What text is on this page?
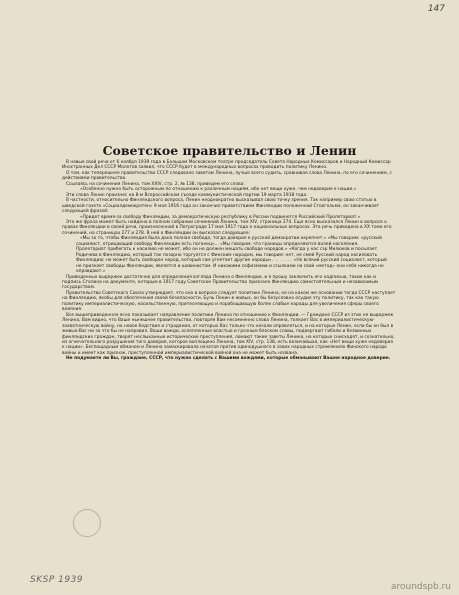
147
Советское правительство и Ленин

В новые свой речи от 6 ноября 1939 года в Большом Московском театре председатель Совета Народных Комиссаров и Народный Комиссар Иностранных Дел СССР Молотов заявил, что СССР будет в международных вопросах проводить политику Ленина.

О том, как теперешнее правительство СССР следовало заветам Ленина, лучше всего судить, сравнивая слова Ленина, по его сочинениям, с действиями правительства.

Ссылаясь на сочинения Ленина, том XXIV, стр. 2, № 138, приведем его слова:

«Особенно нужно быть осторожным по отношению к различным нациям, ибо нет вещи хуже, чем недоверие к нации.»

Эти слова Ленин произнес на 8-м Всероссийском съезде коммунистической партии 19 марта 1918 года.

В частности, относительно Финляндского вопроса, Ленин неоднократно высказывал свою точку зрения. Так например свою статью в шведской газете «Социалдемократен» 9 мая 1916 года он закончил приветствием Финляндии положенной Стокгольма, он заканчивает следующей фразой:

«Придет время-за свободу Финляндии, за демократическую республику в России подвинется Российский Пролетариат.»

Эта же фраза может быть найдена в полном собрании сочинений Ленина, том XIV, страница 274. Еще ясно высказался Ленин в вопросе о правах Финляндии в своей речи, произнесенной в Петрограде 17 мая 1917 года о национальных вопросах. Эта речь приведена в XX томе его сочинений, на страницах 277 и 278. В ней о Финляндии он высказал следующее:

«Мы за то, чтобы Финляндия была дана полная свобода, тогда доверие к русской демократии окрепнет.» «Мы говорим: «русский социалист, отрицающий свободу Финляндии есть поганец»... «Мы говорим, что границы определяются волей населения. Пролетариат прибегать к насилию не может, ибо он не должен мешать свободе народов.» «Когда у нас сэр Милюков и посылает Родичева в Финляндию, который так позорно торгуется с Финским народом, мы говорим: нет, не смей Русский народ насиловать Финляндию: не может быть свободен народ, который сам угнетает другие народы». . . . . . . . «Но всякий русский социалист, который не признает свободы Финляндии, является и шовинистом. И никакими софизмами и ссылками на свой «метод» они себя никогда не оправдают.»

Приведенных выдержек достаточно для определения взгляда Ленина о Финляндии, и я прошу заключить его надписью, такие как и подпись Сталина на документе, которым в 1917 году Советское Правительство признало Финляндию самостоятельным и независимым государством.

Правительство Советского Союза утверждает, что оно в вопросе следует политике Ленина, но на каком же основании тогда СССР наступает на Финляндию, якобы для обеспечения своей безопасности. Буль Ленин в живых, он бы безусловно осудил эту политику, так как такую политику империалистическую, насильственную, притесняющую и порабощающую более слабые народы для увеличения сферы своего влияния.

Все вышеприведенное ясно показывает направление политики Ленина по отношению к Финляндии. — Граждане СССР из этих не выдержек Ленина, Вам видно, что Ваше нынешнее правительство, повторяя Вам несомненно слова Ленина, толкает Вас в империалистическую-захватническую войну, на новое бедствие и страдания, от которых Вас только что начали оправляться, и на которые Ленин, если бы он был в живых-Вас ни за что бы не направил. Ваши вожди, ослепленные властью и грозным блеском славы, подвергают гибели и безвинных финляндских граждан, творят неслыханные исторические преступления, ломают такие заветы Ленина, на которые снисходят, и сознательно, из огнечательного разрушения того доверия, которое воплощено Ленина, том XIV, стр. 138, есть величайшая, как «Нет вещи хуже недоверия к нации». Беспощадным обманом и Ленина замаскировала начатая против одинодушного в своих народных стремлениях Финского народа войны и имеет как признак, преступленной империалистической войной она не может быть названа.

Не подумаете ли Вы, граждане, СССР, что нужно сделать с Вашими вождями, которые обманывают Вашне народное доверие.

SKSP 1939
aroundspb.ru
